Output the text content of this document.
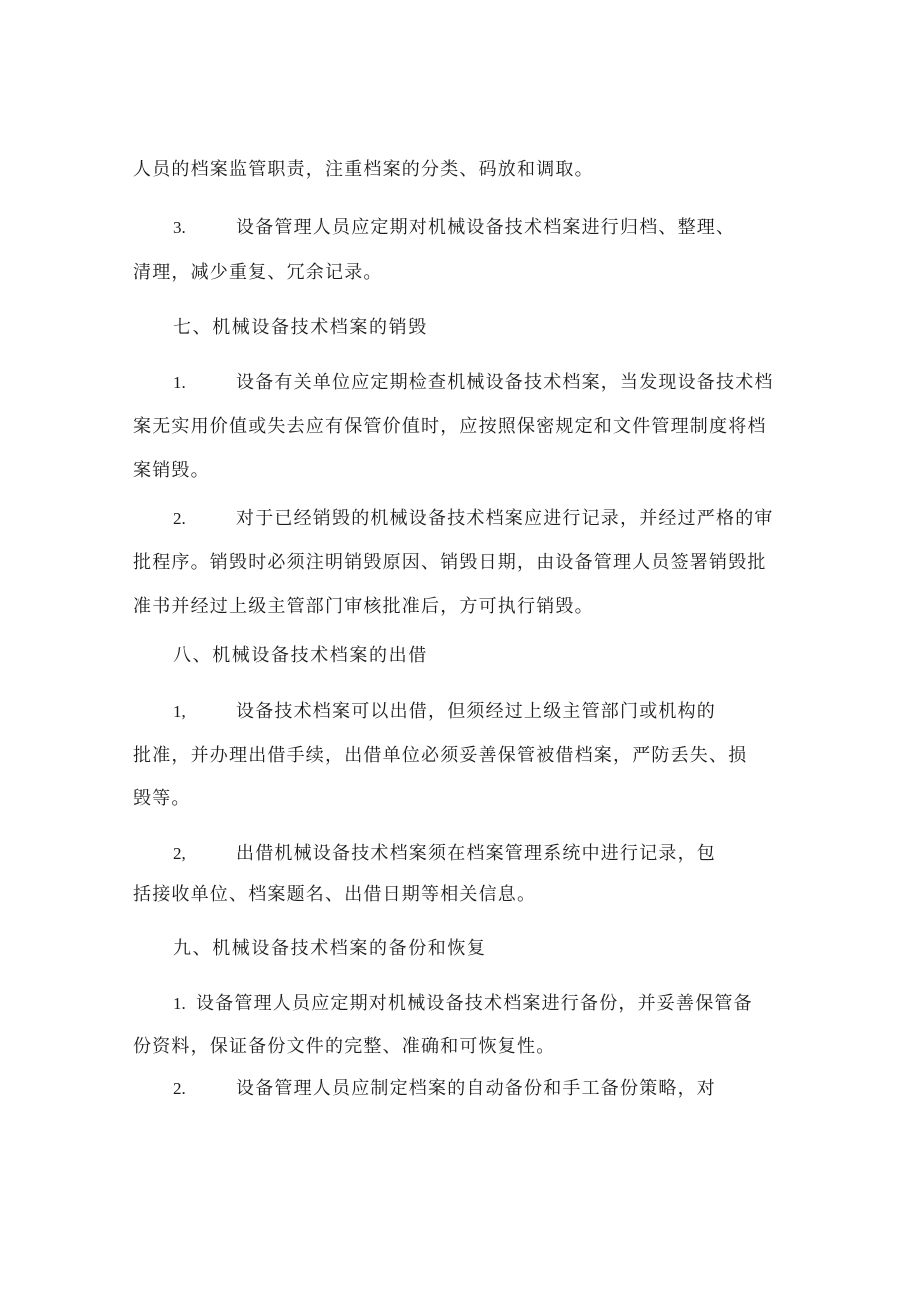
人员的档案监管职责，注重档案的分类、码放和调取。
3.	设备管理人员应定期对机械设备技术档案进行归档、整理、
清理，减少重复、冗余记录。
七、机械设备技术档案的销毁
1.	设备有关单位应定期检查机械设备技术档案，当发现设备技术档
案无实用价值或失去应有保管价值时，应按照保密规定和文件管理制度将档
案销毁。
2.	对于已经销毁的机械设备技术档案应进行记录，并经过严格的审
批程序。销毁时必须注明销毁原因、销毁日期，由设备管理人员签署销毁批
准书并经过上级主管部门审核批准后，方可执行销毁。
八、机械设备技术档案的出借
1,	设备技术档案可以出借，但须经过上级主管部门或机构的
批准，并办理出借手续，出借单位必须妥善保管被借档案，严防丢失、损
毁等。
2,	出借机械设备技术档案须在档案管理系统中进行记录，包
括接收单位、档案题名、出借日期等相关信息。
九、机械设备技术档案的备份和恢复
1. 设备管理人员应定期对机械设备技术档案进行备份，并妥善保管备
份资料，保证备份文件的完整、准确和可恢复性。
2.	设备管理人员应制定档案的自动备份和手工备份策略，对
